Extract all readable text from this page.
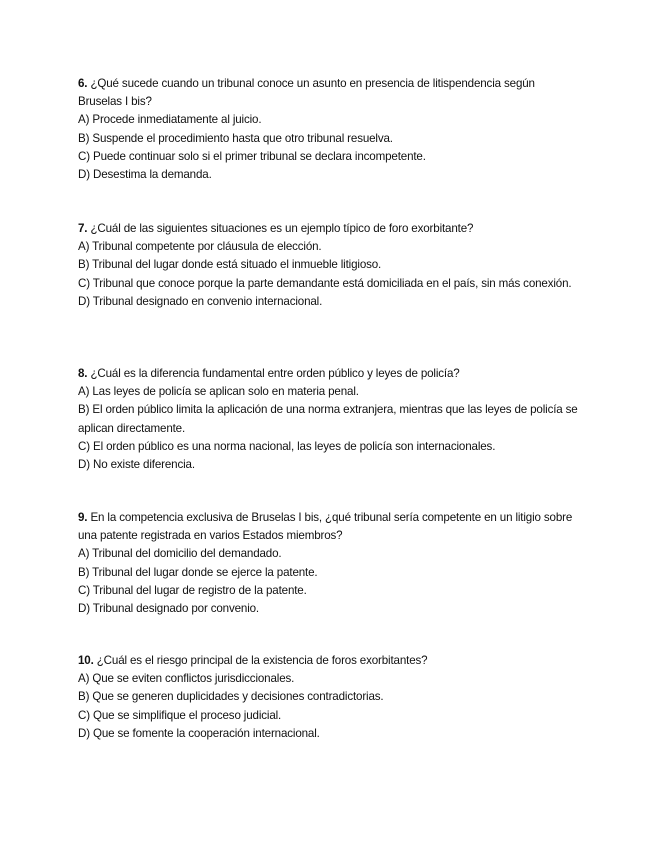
6. ¿Qué sucede cuando un tribunal conoce un asunto en presencia de litispendencia según Bruselas I bis?

A) Procede inmediatamente al juicio.

B) Suspende el procedimiento hasta que otro tribunal resuelva.

C) Puede continuar solo si el primer tribunal se declara incompetente.

D) Desestima la demanda.

7. ¿Cuál de las siguientes situaciones es un ejemplo típico de foro exorbitante?

A) Tribunal competente por cláusula de elección.

B) Tribunal del lugar donde está situado el inmueble litigioso.

C) Tribunal que conoce porque la parte demandante está domiciliada en el país, sin más conexión.

D) Tribunal designado en convenio internacional.

8. ¿Cuál es la diferencia fundamental entre orden público y leyes de policía?

A) Las leyes de policía se aplican solo en materia penal.

B) El orden público limita la aplicación de una norma extranjera, mientras que las leyes de policía se aplican directamente.

C) El orden público es una norma nacional, las leyes de policía son internacionales.

D) No existe diferencia.

9. En la competencia exclusiva de Bruselas I bis, ¿qué tribunal sería competente en un litigio sobre una patente registrada en varios Estados miembros?

A) Tribunal del domicilio del demandado.

B) Tribunal del lugar donde se ejerce la patente.

C) Tribunal del lugar de registro de la patente.

D) Tribunal designado por convenio.

10. ¿Cuál es el riesgo principal de la existencia de foros exorbitantes?

A) Que se eviten conflictos jurisdiccionales.

B) Que se generen duplicidades y decisiones contradictorias.

C) Que se simplifique el proceso judicial.

D) Que se fomente la cooperación internacional.
